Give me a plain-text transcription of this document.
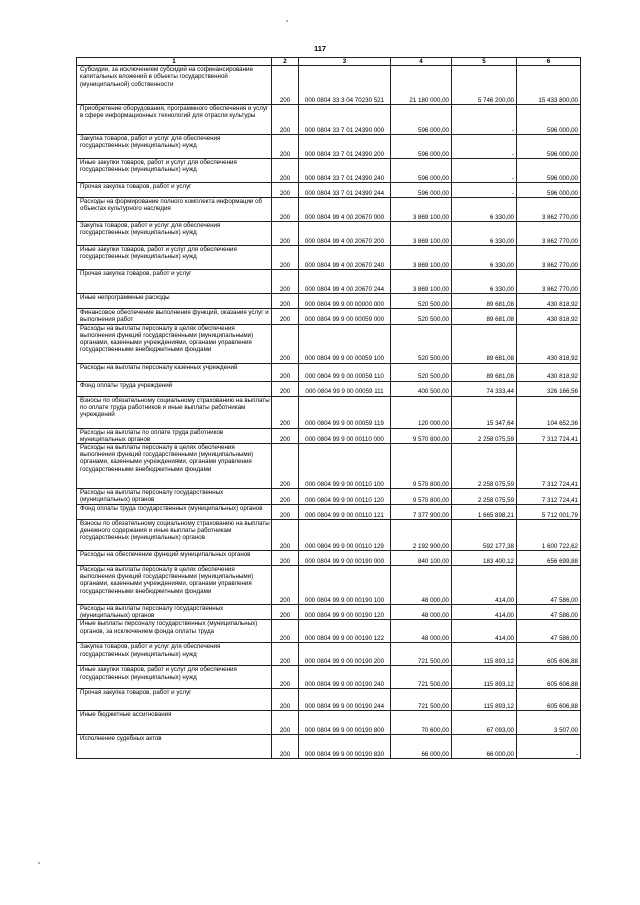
117
1	2	3	4	5	6
Субсидии, за исключением субсидий на софинансирование капитальных вложений в объекты государственной (муниципальной) собственности	200	000 0804 33 3 04 70230 521	21 180 000,00	5 746 200,00	15 433 800,00
Приобретение оборудования, программного обеспечения и услуг в сфере информационных технологий для отрасли культуры	200	000 0804 33 7 01 24390 000	596 000,00	-	596 000,00
Закупка товаров, работ и услуг для обеспечения государственных (муниципальных) нужд	200	000 0804 33 7 01 24390 200	596 000,00	-	596 000,00
Иные закупки товаров, работ и услуг для обеспечения государственных (муниципальных) нужд	200	000 0804 33 7 01 24390 240	596 000,00	-	596 000,00
Прочая закупка товаров, работ и услуг	200	000 0804 33 7 01 24390 244	596 000,00	-	596 000,00
Расходы на формирование полного комплекта информации об объектах культурного наследия	200	000 0804 99 4 00 20670 000	3 869 100,00	6 330,00	3 862 770,00
Закупка товаров, работ и услуг для обеспечения государственных (муниципальных) нужд	200	000 0804 99 4 00 20670 200	3 869 100,00	6 330,00	3 862 770,00
Иные закупки товаров, работ и услуг для обеспечения государственных (муниципальных) нужд	200	000 0804 99 4 00 20670 240	3 869 100,00	6 330,00	3 862 770,00
Прочая закупка товаров, работ и услуг	200	000 0804 99 4 00 20670 244	3 869 100,00	6 330,00	3 862 770,00
Иные непрограммные расходы	200	000 0804 99 9 00 00000 000	520 500,00	89 681,08	430 818,92
Финансовое обеспечение выполнения функций, оказания услуг и выполнения работ	200	000 0804 99 9 00 00059 000	520 500,00	89 681,08	430 818,92
Расходы на выплаты персоналу в целях обеспечения выполнения функций государственными (муниципальными) органами, казенными учреждениями, органами управления государственными внебюджетными фондами	200	000 0804 99 9 00 00059 100	520 500,00	89 681,08	430 818,92
Расходы на выплаты персоналу казенных учреждений	200	000 0804 99 9 00 00059 110	520 500,00	89 681,08	430 818,92
Фонд оплаты труда учреждений	200	000 0804 99 9 00 00059 111	400 500,00	74 333,44	326 166,56
Взносы по обязательному социальному страхованию на выплаты по оплате труда работников и иные выплаты работникам учреждений	200	000 0804 99 9 00 00059 119	120 000,00	15 347,64	104 652,36
Расходы на выплаты по оплате труда работников муниципальных органов	200	000 0804 99 9 00 00110 000	9 570 800,00	2 258 075,59	7 312 724,41
Расходы на выплаты персоналу в целях обеспечения выполнения функций государственными (муниципальными) органами, казенными учреждениями, органами управления государственными внебюджетными фондами	200	000 0804 99 9 00 00110 100	9 570 800,00	2 258 075,59	7 312 724,41
Расходы на выплаты персоналу государственных (муниципальных) органов	200	000 0804 99 9 00 00110 120	9 570 800,00	2 258 075,59	7 312 724,41
Фонд оплаты труда государственных (муниципальных) органов	200	000 0804 99 9 00 00110 121	7 377 900,00	1 665 898,21	5 712 001,79
Взносы по обязательному социальному страхованию на выплаты денежного содержания и иные выплаты работникам государственных (муниципальных) органов	200	000 0804 99 9 00 00110 129	2 192 900,00	592 177,38	1 600 722,62
Расходы на обеспечение функций муниципальных органов	200	000 0804 99 9 00 00190 000	840 100,00	183 400,12	656 699,88
Расходы на выплаты персоналу в целях обеспечения выполнения функций государственными (муниципальными) органами, казенными учреждениями, органами управления государственными внебюджетными фондами	200	000 0804 99 9 00 00190 100	48 000,00	414,00	47 586,00
Расходы на выплаты персоналу государственных (муниципальных) органов	200	000 0804 99 9 00 00190 120	48 000,00	414,00	47 586,00
Иные выплаты персоналу государственных (муниципальных) органов, за исключением фонда оплаты труда	200	000 0804 99 9 00 00190 122	48 000,00	414,00	47 586,00
Закупка товаров, работ и услуг для обеспечения государственных (муниципальных) нужд	200	000 0804 99 9 00 00190 200	721 500,00	115 893,12	605 606,88
Иные закупки товаров, работ и услуг для обеспечения государственных (муниципальных) нужд	200	000 0804 99 9 00 00190 240	721 500,00	115 893,12	605 606,88
Прочая закупка товаров, работ и услуг	200	000 0804 99 9 00 00190 244	721 500,00	115 893,12	605 606,88
Иные бюджетные ассигнования	200	000 0804 99 9 00 00190 800	70 600,00	67 093,00	3 507,00
Исполнение судебных актов	200	000 0804 99 9 00 00190 830	66 000,00	66 000,00	-
